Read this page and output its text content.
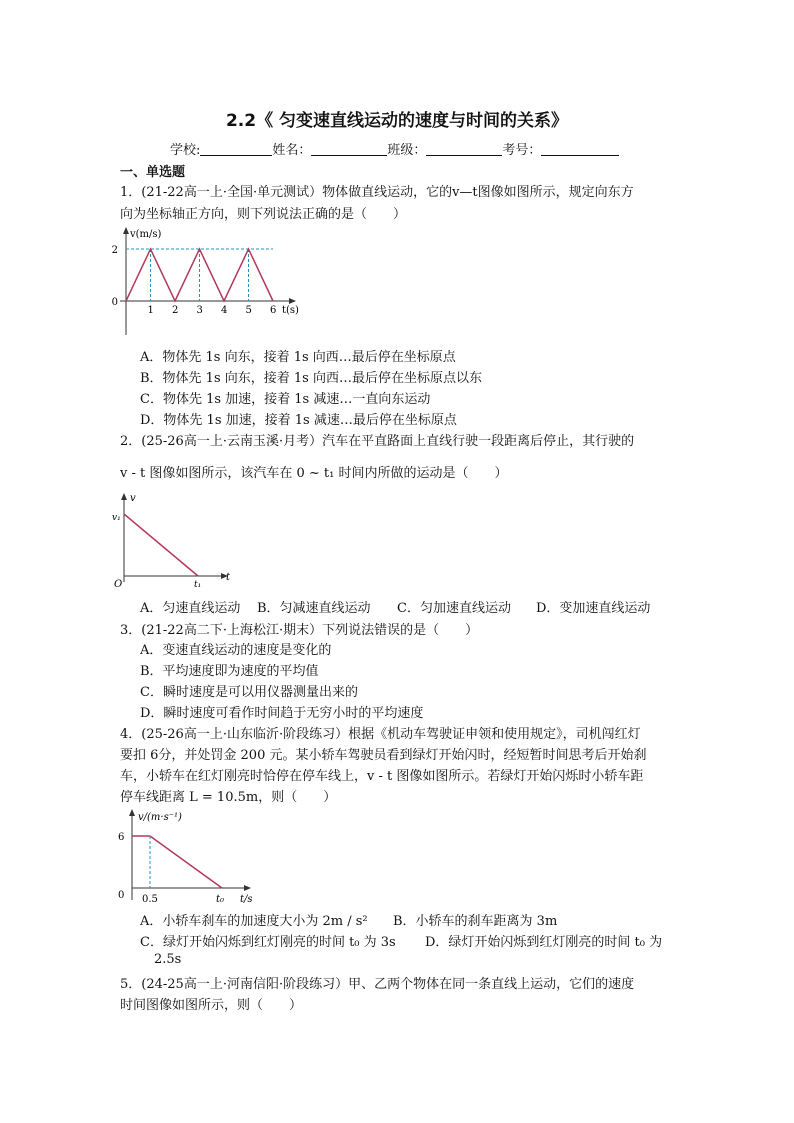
2.2《 匀变速直线运动的速度与时间的关系》
学校:	姓名：	班级：	考号：
一、单选题
1．(21-22高一上·全国·单元测试）物体做直线运动，它的v—t图像如图所示，规定向东方
向为坐标轴正方向，则下列说法正确的是（　　）
v(m/s)
t(s)
2
0
1 2 3 4 5 6
A．物体先 1s 向东，接着 1s 向西…最后停在坐标原点
B．物体先 1s 向东，接着 1s 向西…最后停在坐标原点以东
C．物体先 1s 加速，接着 1s 减速…一直向东运动
D．物体先 1s 加速，接着 1s 减速…最后停在坐标原点
2．(25-26高一上·云南玉溪·月考）汽车在平直路面上直线行驶一段距离后停止，其行驶的
v - t 图像如图所示，该汽车在 0 ~ t₁ 时间内所做的运动是（　　）
v
t
O
v₁
t₁
A．匀速直线运动 B．匀减速直线运动 C．匀加速直线运动 D．变加速直线运动
3．(21-22高二下·上海松江·期末）下列说法错误的是（　　）
A．变速直线运动的速度是变化的
B．平均速度即为速度的平均值
C．瞬时速度是可以用仪器测量出来的
D．瞬时速度可看作时间趋于无穷小时的平均速度
4．(25-26高一上·山东临沂·阶段练习）根据《机动车驾驶证申领和使用规定》，司机闯红灯
要扣 6分，并处罚金 200 元。某小轿车驾驶员看到绿灯开始闪时，经短暂时间思考后开始刹
车，小轿车在红灯刚亮时恰停在停车线上，v - t 图像如图所示。若绿灯开始闪烁时小轿车距
停车线距离 L = 10.5m，则（　　）
v/(m·s⁻¹)
6
0 0.5	t₀ t/s
A．小轿车刹车的加速度大小为 2m / s² B．小轿车的刹车距离为 3m
C．绿灯开始闪烁到红灯刚亮的时间 t₀ 为 3s D．绿灯开始闪烁到红灯刚亮的时间 t₀ 为
2.5s
5．(24-25高一上·河南信阳·阶段练习）甲、乙两个物体在同一条直线上运动，它们的速度
时间图像如图所示，则（　　）
